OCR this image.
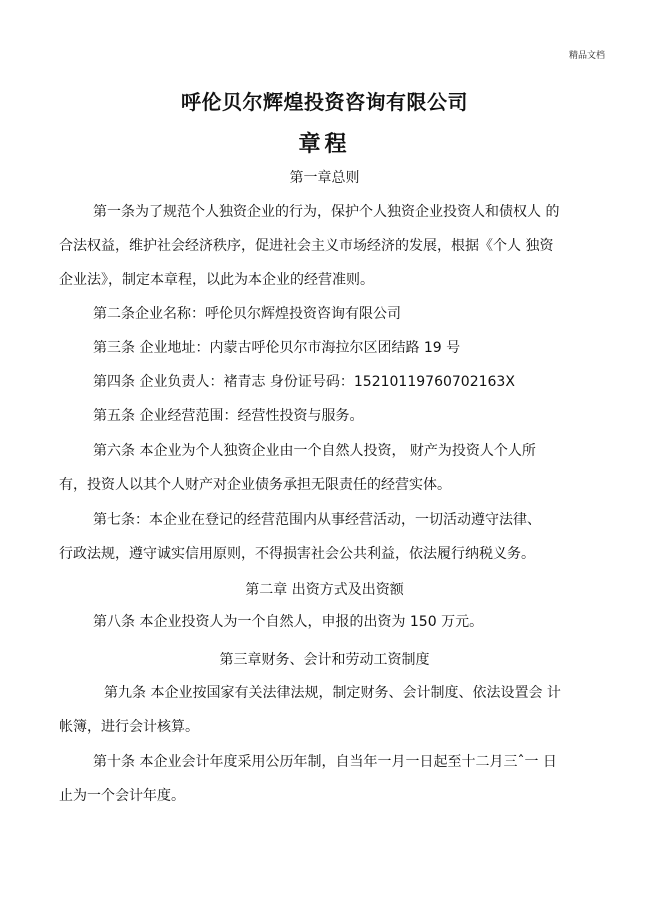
精品文档
呼伦贝尔辉煌投资咨询有限公司
章程
第一章总则
第一条为了规范个人独资企业的行为，保护个人独资企业投资人和债权人 的
合法权益，维护社会经济秩序，促进社会主义市场经济的发展，根据《个人 独资
企业法》，制定本章程，以此为本企业的经营准则。
第二条企业名称：呼伦贝尔辉煌投资咨询有限公司
第三条 企业地址：内蒙古呼伦贝尔市海拉尔区团结路 19 号
第四条 企业负责人：褚青志 身份证号码：15210119760702163X
第五条 企业经营范围：经营性投资与服务。
第六条 本企业为个人独资企业由一个自然人投资， 财产为投资人个人所
有，投资人以其个人财产对企业债务承担无限责任的经营实体。
第七条：本企业在登记的经营范围内从事经营活动，一切活动遵守法律、
行政法规，遵守诚实信用原则，不得损害社会公共利益，依法履行纳税义务。
第二章 出资方式及出资额
第八条 本企业投资人为一个自然人，申报的出资为 150 万元。
第三章财务、会计和劳动工资制度
第九条 本企业按国家有关法律法规，制定财务、会计制度、依法设置会 计
帐簿，进行会计核算。
第十条 本企业会计年度采用公历年制，自当年一月一日起至十二月三ˆ一 日
止为一个会计年度。
